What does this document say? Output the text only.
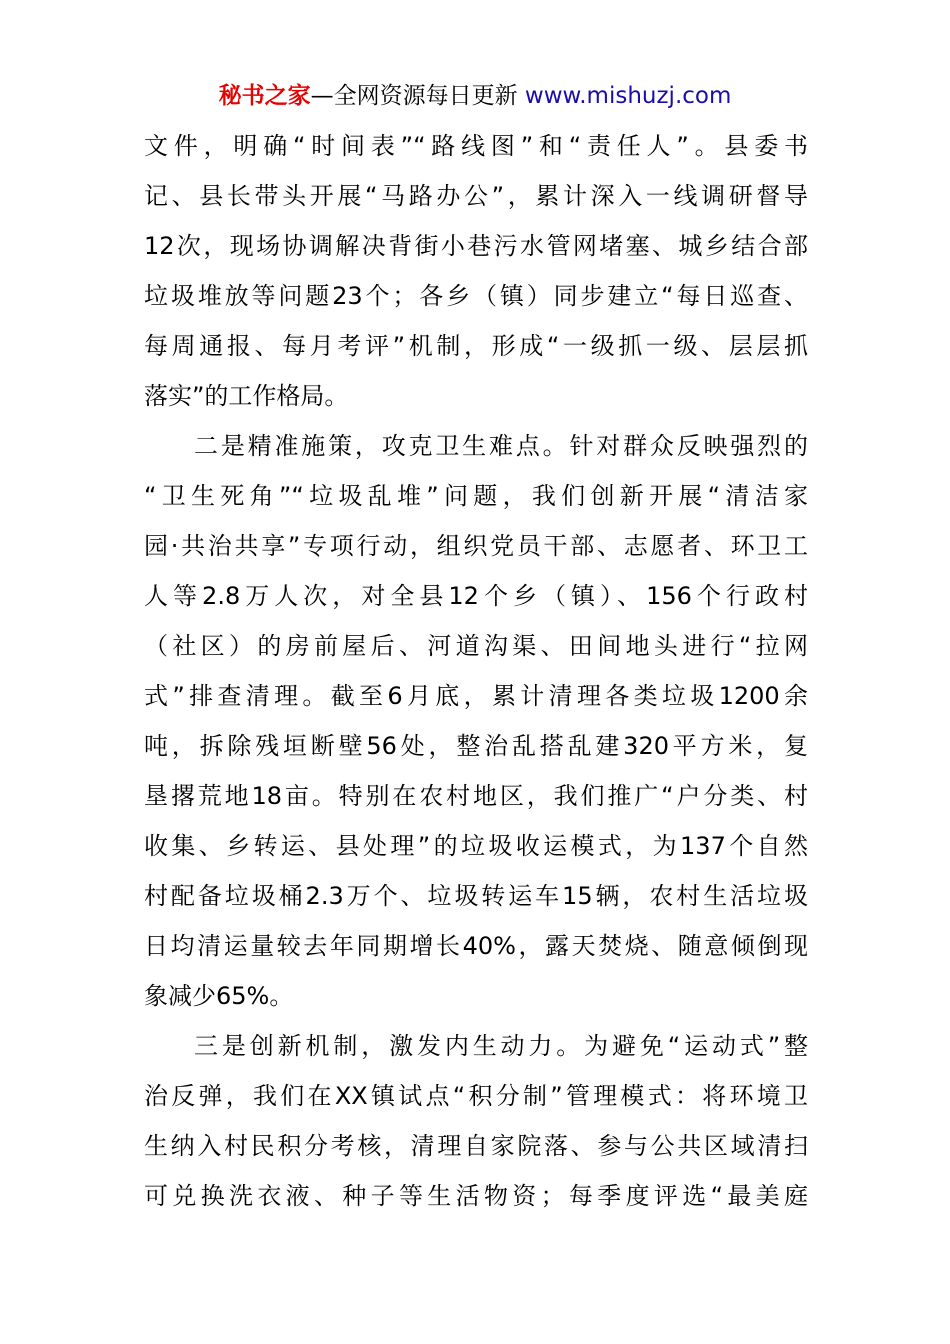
秘书之家—全网资源每日更新 www.mishuzj.com
文件，明确“时间表”“路线图”和“责任人”。县委书
记、县长带头开展“马路办公”，累计深入一线调研督导
12次，现场协调解决背街小巷污水管网堵塞、城乡结合部
垃圾堆放等问题23个；各乡（镇）同步建立“每日巡查、
每周通报、每月考评”机制，形成“一级抓一级、层层抓
落实”的工作格局。
二是精准施策，攻克卫生难点。针对群众反映强烈的
“卫生死角”“垃圾乱堆”问题，我们创新开展“清洁家
园·共治共享”专项行动，组织党员干部、志愿者、环卫工
人等2.8万人次，对全县12个乡（镇）、156个行政村
（社区）的房前屋后、河道沟渠、田间地头进行“拉网
式”排查清理。截至6月底，累计清理各类垃圾1200余
吨，拆除残垣断壁56处，整治乱搭乱建320平方米，复
垦撂荒地18亩。特别在农村地区，我们推广“户分类、村
收集、乡转运、县处理”的垃圾收运模式，为137个自然
村配备垃圾桶2.3万个、垃圾转运车15辆，农村生活垃圾
日均清运量较去年同期增长40%，露天焚烧、随意倾倒现
象减少65%。
三是创新机制，激发内生动力。为避免“运动式”整
治反弹，我们在XX镇试点“积分制”管理模式：将环境卫
生纳入村民积分考核，清理自家院落、参与公共区域清扫
可兑换洗衣液、种子等生活物资；每季度评选“最美庭
